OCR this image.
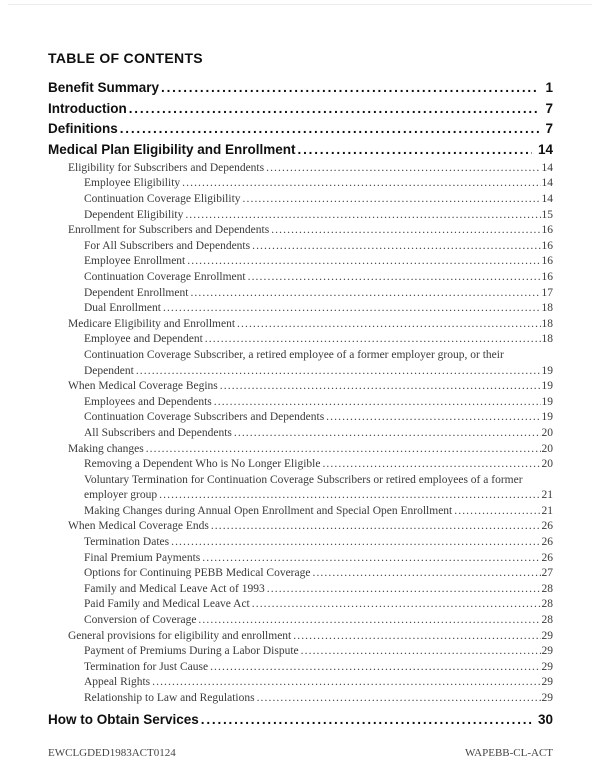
TABLE OF CONTENTS
Benefit Summary .....	1
Introduction .....	7
Definitions .....	7
Medical Plan Eligibility and Enrollment .....	14
Eligibility for Subscribers and Dependents .....	14
Employee Eligibility .....	14
Continuation Coverage Eligibility .....	14
Dependent Eligibility .....	15
Enrollment for Subscribers and Dependents .....	16
For All Subscribers and Dependents .....	16
Employee Enrollment .....	16
Continuation Coverage Enrollment .....	16
Dependent Enrollment .....	17
Dual Enrollment .....	18
Medicare Eligibility and Enrollment .....	18
Employee and Dependent .....	18
Continuation Coverage Subscriber, a retired employee of a former employer group, or their
Dependent .....	19
When Medical Coverage Begins .....	19
Employees and Dependents .....	19
Continuation Coverage Subscribers and Dependents .....	19
All Subscribers and Dependents .....	20
Making changes .....	20
Removing a Dependent Who is No Longer Eligible .....	20
Voluntary Termination for Continuation Coverage Subscribers or retired employees of a former
employer group .....	21
Making Changes during Annual Open Enrollment and Special Open Enrollment .....	21
When Medical Coverage Ends .....	26
Termination Dates .....	26
Final Premium Payments .....	26
Options for Continuing PEBB Medical Coverage .....	27
Family and Medical Leave Act of 1993 .....	28
Paid Family and Medical Leave Act .....	28
Conversion of Coverage .....	28
General provisions for eligibility and enrollment .....	29
Payment of Premiums During a Labor Dispute .....	29
Termination for Just Cause .....	29
Appeal Rights .....	29
Relationship to Law and Regulations .....	29
How to Obtain Services .....	30
EWCLGDED1983ACT0124	WAPEBB-CL-ACT
